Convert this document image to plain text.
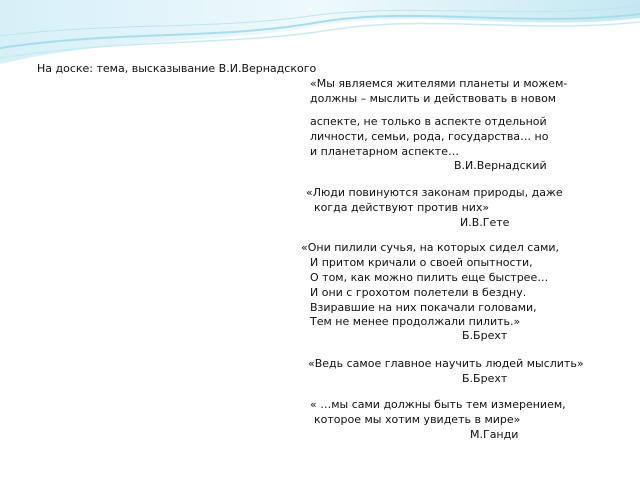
На доске: тема, высказывание В.И.Вернадского
«Мы являемся жителями планеты и можем-
должны – мыслить и действовать в новом
аспекте, не только в аспекте отдельной
личности, семьи, рода, государства… но
и планетарном аспекте…
В.И.Вернадский
«Люди повинуются законам природы, даже
когда действуют против них»
И.В.Гете
«Они пилили сучья, на которых сидел сами,
И притом кричали о своей опытности,
О том, как можно пилить еще быстрее…
И они с грохотом полетели в бездну.
Взиравшие на них покачали головами,
Тем не менее продолжали пилить.»
Б.Брехт
«Ведь самое главное научить людей мыслить»
Б.Брехт
« …мы сами должны быть тем измерением,
которое мы хотим увидеть в мире»
М.Ганди
